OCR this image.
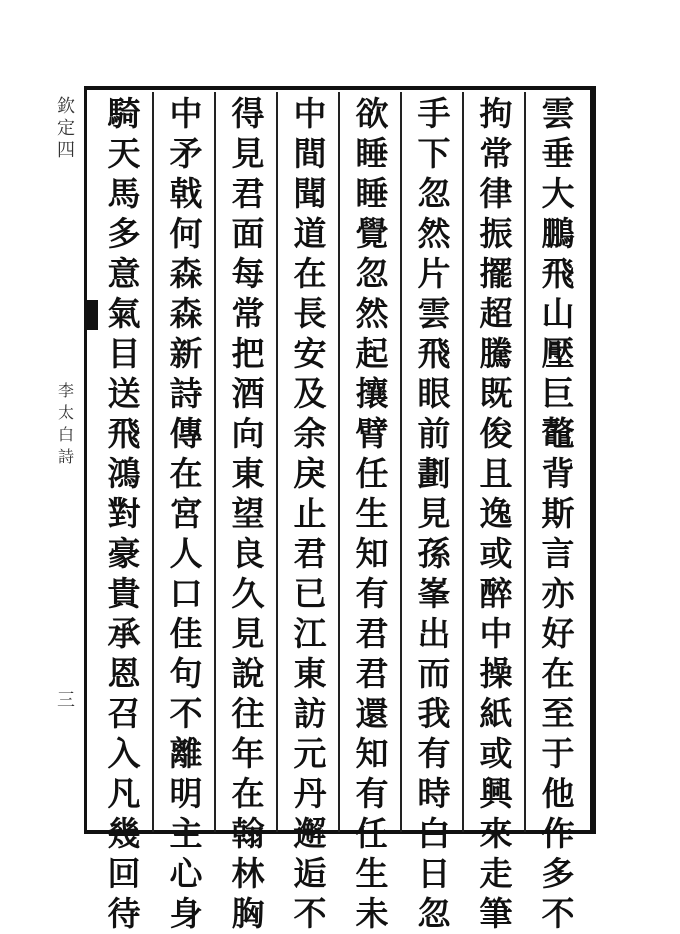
欽
定
四
李
太
白
詩
三
雲
垂
大
鵬
飛
山
壓
巨
鼇
背
斯
言
亦
好
在
至
于
他
作
多
不
拘
常
律
振
擺
超
騰
既
俊
且
逸
或
醉
中
操
紙
或
興
來
走
筆
手
下
忽
然
片
雲
飛
眼
前
劃
見
孫
峯
出
而
我
有
時
白
日
忽
欲
睡
睡
覺
忽
然
起
攘
臂
任
生
知
有
君
君
還
知
有
任
生
未
中
間
聞
道
在
長
安
及
余
戾
止
君
已
江
東
訪
元
丹
邂
逅
不
得
見
君
面
每
常
把
酒
向
東
望
良
久
見
說
往
年
在
翰
林
胸
中
矛
戟
何
森
森
新
詩
傳
在
宮
人
口
佳
句
不
離
明
主
心
身
騎
天
馬
多
意
氣
目
送
飛
鴻
對
豪
貴
承
恩
召
入
凡
幾
回
待
